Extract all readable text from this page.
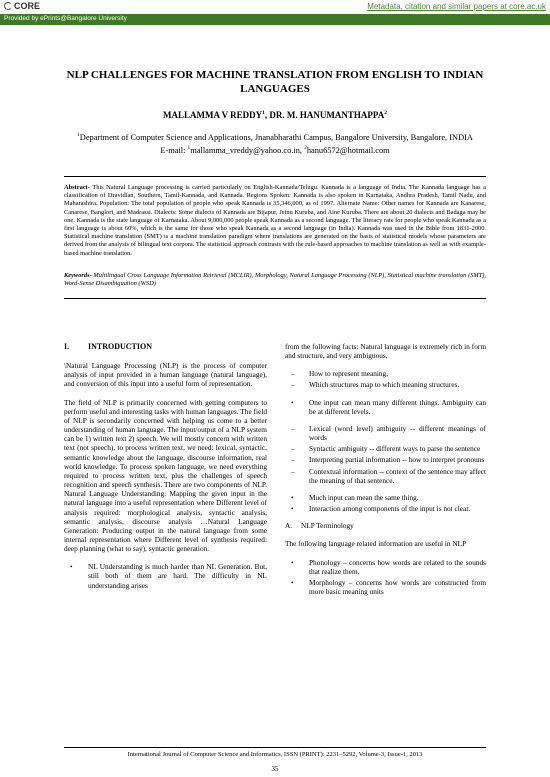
CORE	Metadata, citation and similar papers at core.ac.uk
Provided by ePrints@Bangalore University
NLP CHALLENGES FOR MACHINE TRANSLATION FROM ENGLISH TO INDIAN LANGUAGES
MALLAMMA V REDDY$^1$, DR. M. HANUMANTHAPPA$^2$
$^1$Department of Computer Science and Applications, Jnanabharathi Campus, Bangalore University, Bangalore, INDIA
E-mail: $^1$mallamma_vreddy@yahoo.co.in, $^2$hanu6572@hotmail.com
Abstract- This Natural Language processing is carried particularly on English-Kannada/Telugu. Kannada is a language of India. The Kannada language has a classification of Dravidian, Southern, Tamil-Kannada, and Kannada. Regions Spoken: Kannada is also spoken in Karnataka, Andhra Pradesh, Tamil Nadu, and Maharashtra. Population: The total population of people who speak Kannada is 35,346,000, as of 1997. Alternate Name: Other names for Kannada are Kanarese, Canarese, Banglori, and Madrassi. Dialects: Some dialects of Kannada are Bijapur, Jeinu Kuruba, and Aine Kuruba. There are about 20 dialects and Badaga may be one. Kannada is the state language of Karnataka. About 9,000,000 people speak Kannada as a second language. The literacy rate for people who speak Kannada as a first language is about 60%, which is the same for those who speak Kannada as a second language (in India). Kannada was used in the Bible from 1831-2000. Statistical machine translation (SMT) is a machine translation paradigm where translations are generated on the basis of statistical models whose parameters are derived from the analysis of bilingual text corpora. The statistical approach contrasts with the rule-based approaches to machine translation as well as with example-based machine translation.
Keywords- Multilingual Cross Language Information Retrieval (MCLIR), Morphology, Natural Language Processing (NLP), Statistical machine translation (SMT), Word-Sense Disambiguation (WSD)
I. INTRODUCTION

\Natural Language Processing (NLP) is the process of computer analysis of input provided in a human language (natural language), and conversion of this input into a useful form of representation.

The field of NLP is primarily concerned with getting computers to perform useful and interesting tasks with human languages. The field of NLP is secondarily concerned with helping us come to a better understanding of human language. The input/output of a NLP system can be 1) written text 2) speech. We will mostly concern with written text (not speech), to process written text, we need: lexical, syntactic, semantic knowledge about the language, discourse information, real world knowledge. To process spoken language, we need everything required to process written text, plus the challenges of speech recognition and speech synthesis. There are two components of NLP. Natural Language Understanding: Mapping the given input in the natural language into a useful representation where Different level of analysis required: morphological analysis, syntactic analysis, semantic analysis, discourse analysis …Natural Language Generation: Producing output in the natural language from some internal representation where Different level of synthesis required: deep planning (what to say), syntactic generation.

• NL Understanding is much harder than NL Generation. But, still both of them are hard. The difficulty in NL understanding arises

from the following facts: Natural language is extremely rich in form and structure, and very ambiguous.

– How to represent meaning,
– Which structures map to which meaning structures.
• One input can mean many different things. Ambiguity can be at different levels.
– Lexical (word level) ambiguity -- different meanings of words
– Syntactic ambiguity -- different ways to parse the sentence
– Interpreting partial information -- how to interpret pronouns
– Contextual information -- context of the sentence may affect the meaning of that sentence.
• Much input can mean the same thing.
• Interaction among components of the input is not clear.
A. NLP Terminology

The following language related information are useful in NLP

• Phonology – concerns how words are related to the sounds that realize them.
• Morphology – concerns how words are constructed from more basic meaning units
International Journal of Computer Science and Informatics, ISSN (PRINT): 2231–5292, Volume-3, Issue-1, 2013
35
